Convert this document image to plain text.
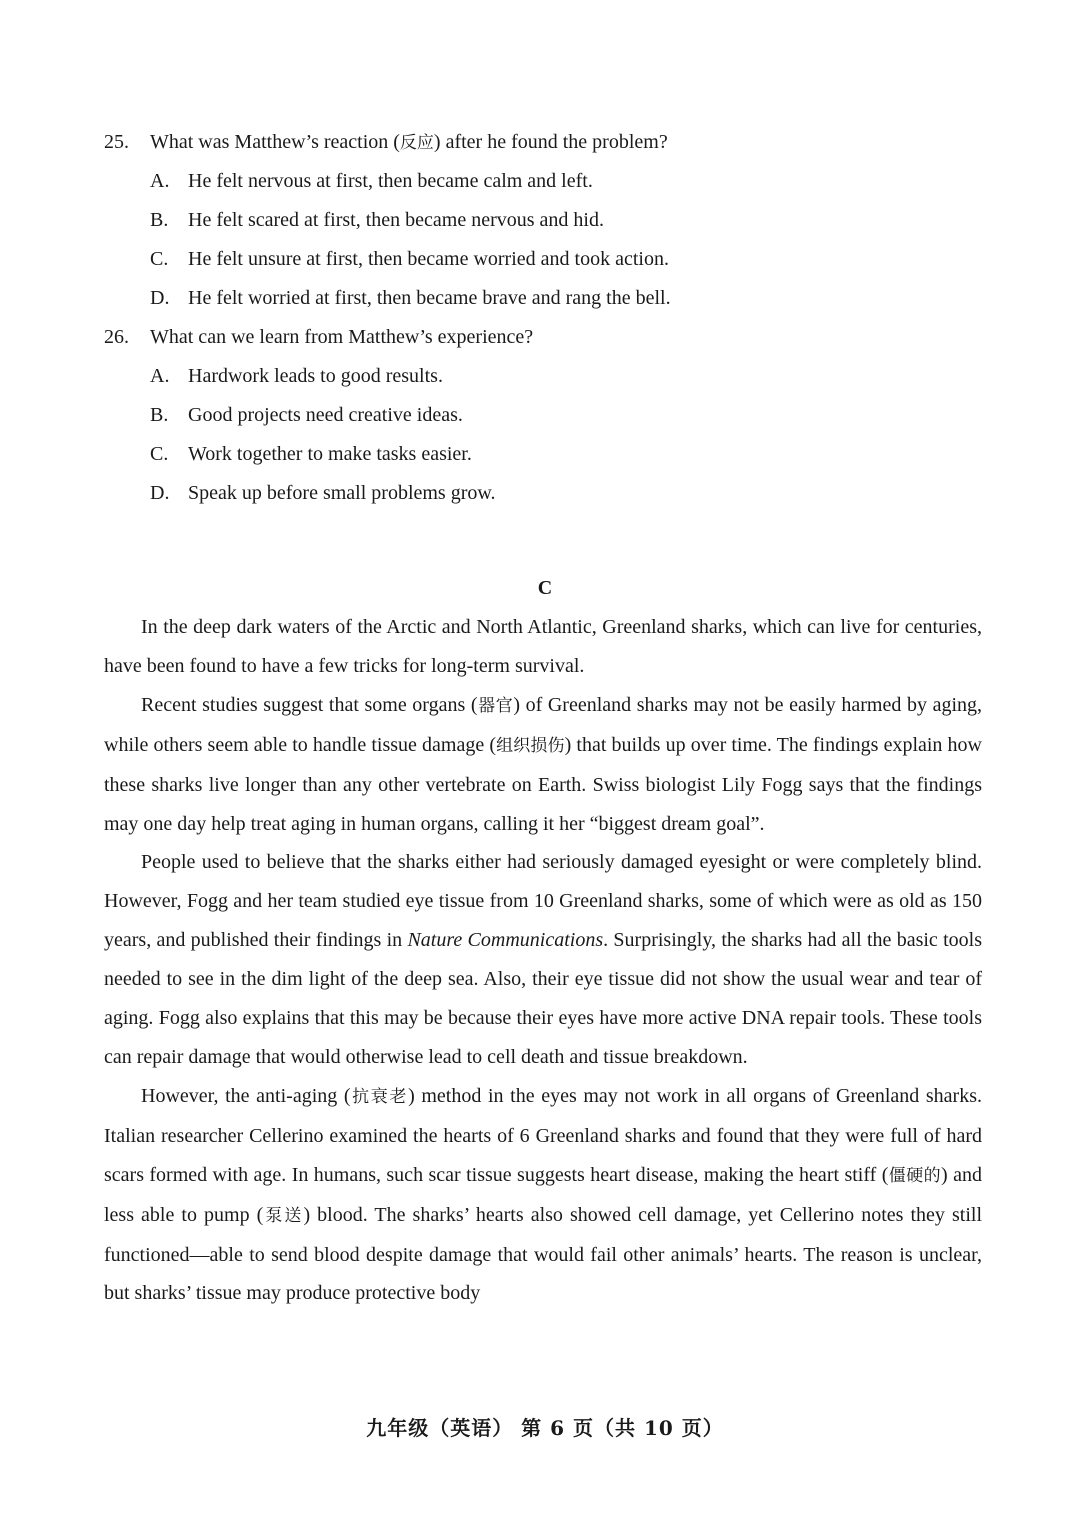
25. What was Matthew’s reaction (反应) after he found the problem?
A. He felt nervous at first, then became calm and left.
B. He felt scared at first, then became nervous and hid.
C. He felt unsure at first, then became worried and took action.
D. He felt worried at first, then became brave and rang the bell.
26. What can we learn from Matthew’s experience?
A. Hardwork leads to good results.
B. Good projects need creative ideas.
C. Work together to make tasks easier.
D. Speak up before small problems grow.
C

In the deep dark waters of the Arctic and North Atlantic, Greenland sharks, which can live for centuries, have been found to have a few tricks for long-term survival.

Recent studies suggest that some organs (器官) of Greenland sharks may not be easily harmed by aging, while others seem able to handle tissue damage (组织损伤) that builds up over time. The findings explain how these sharks live longer than any other vertebrate on Earth. Swiss biologist Lily Fogg says that the findings may one day help treat aging in human organs, calling it her “biggest dream goal”.

People used to believe that the sharks either had seriously damaged eyesight or were completely blind. However, Fogg and her team studied eye tissue from 10 Greenland sharks, some of which were as old as 150 years, and published their findings in Nature Communications. Surprisingly, the sharks had all the basic tools needed to see in the dim light of the deep sea. Also, their eye tissue did not show the usual wear and tear of aging. Fogg also explains that this may be because their eyes have more active DNA repair tools. These tools can repair damage that would otherwise lead to cell death and tissue breakdown.

However, the anti-aging (抗衰老) method in the eyes may not work in all organs of Greenland sharks. Italian researcher Cellerino examined the hearts of 6 Greenland sharks and found that they were full of hard scars formed with age. In humans, such scar tissue suggests heart disease, making the heart stiff (僵硬的) and less able to pump (泵送) blood. The sharks’ hearts also showed cell damage, yet Cellerino notes they still functioned—able to send blood despite damage that would fail other animals’ hearts. The reason is unclear, but sharks’ tissue may produce protective body

九年级（英语） 第 6 页（共 10 页）
